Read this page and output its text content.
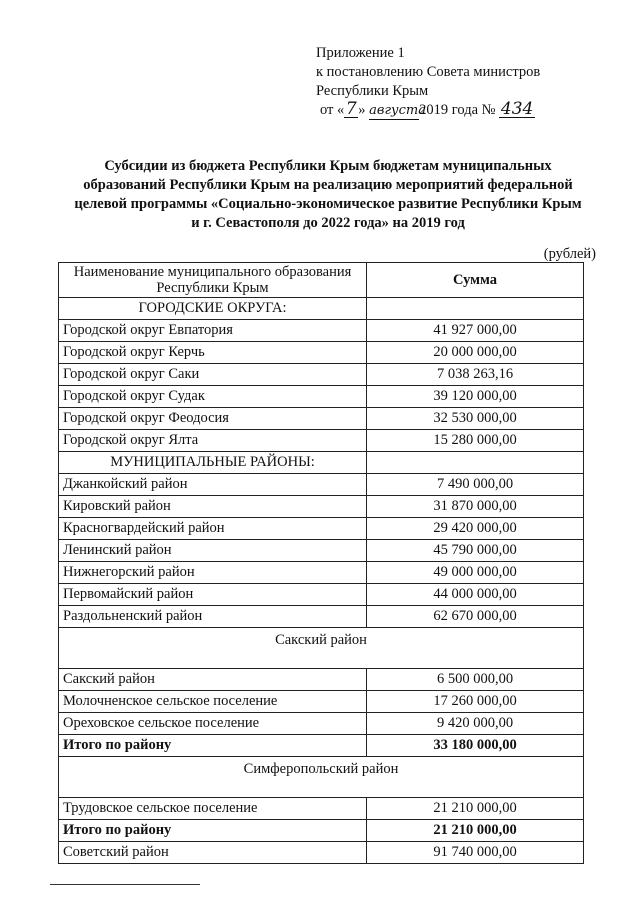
Приложение 1
к постановлению Совета министров
Республики Крым
от «7 » августа2019 года № 434
Субсидии из бюджета Республики Крым бюджетам муниципальных
образований Республики Крым на реализацию мероприятий федеральной
целевой программы «Социально-экономическое развитие Республики Крым
и г. Севастополя до 2022 года» на 2019 год
(рублей)
Наименование муниципального образования Республики Крым	Сумма
ГОРОДСКИЕ ОКРУГА:	
Городской округ Евпатория	41 927 000,00
Городской округ Керчь	20 000 000,00
Городской округ Саки	7 038 263,16
Городской округ Судак	39 120 000,00
Городской округ Феодосия	32 530 000,00
Городской округ Ялта	15 280 000,00
МУНИЦИПАЛЬНЫЕ РАЙОНЫ:	
Джанкойский район	7 490 000,00
Кировский район	31 870 000,00
Красногвардейский район	29 420 000,00
Ленинский район	45 790 000,00
Нижнегорский район	49 000 000,00
Первомайский район	44 000 000,00
Раздольненский район	62 670 000,00
Сакский район	
Сакский район	6 500 000,00
Молочненское сельское поселение	17 260 000,00
Ореховское сельское поселение	9 420 000,00
Итого по району	33 180 000,00
Симферопольский район	
Трудовское сельское поселение	21 210 000,00
Итого по району	21 210 000,00
Советский район	91 740 000,00
